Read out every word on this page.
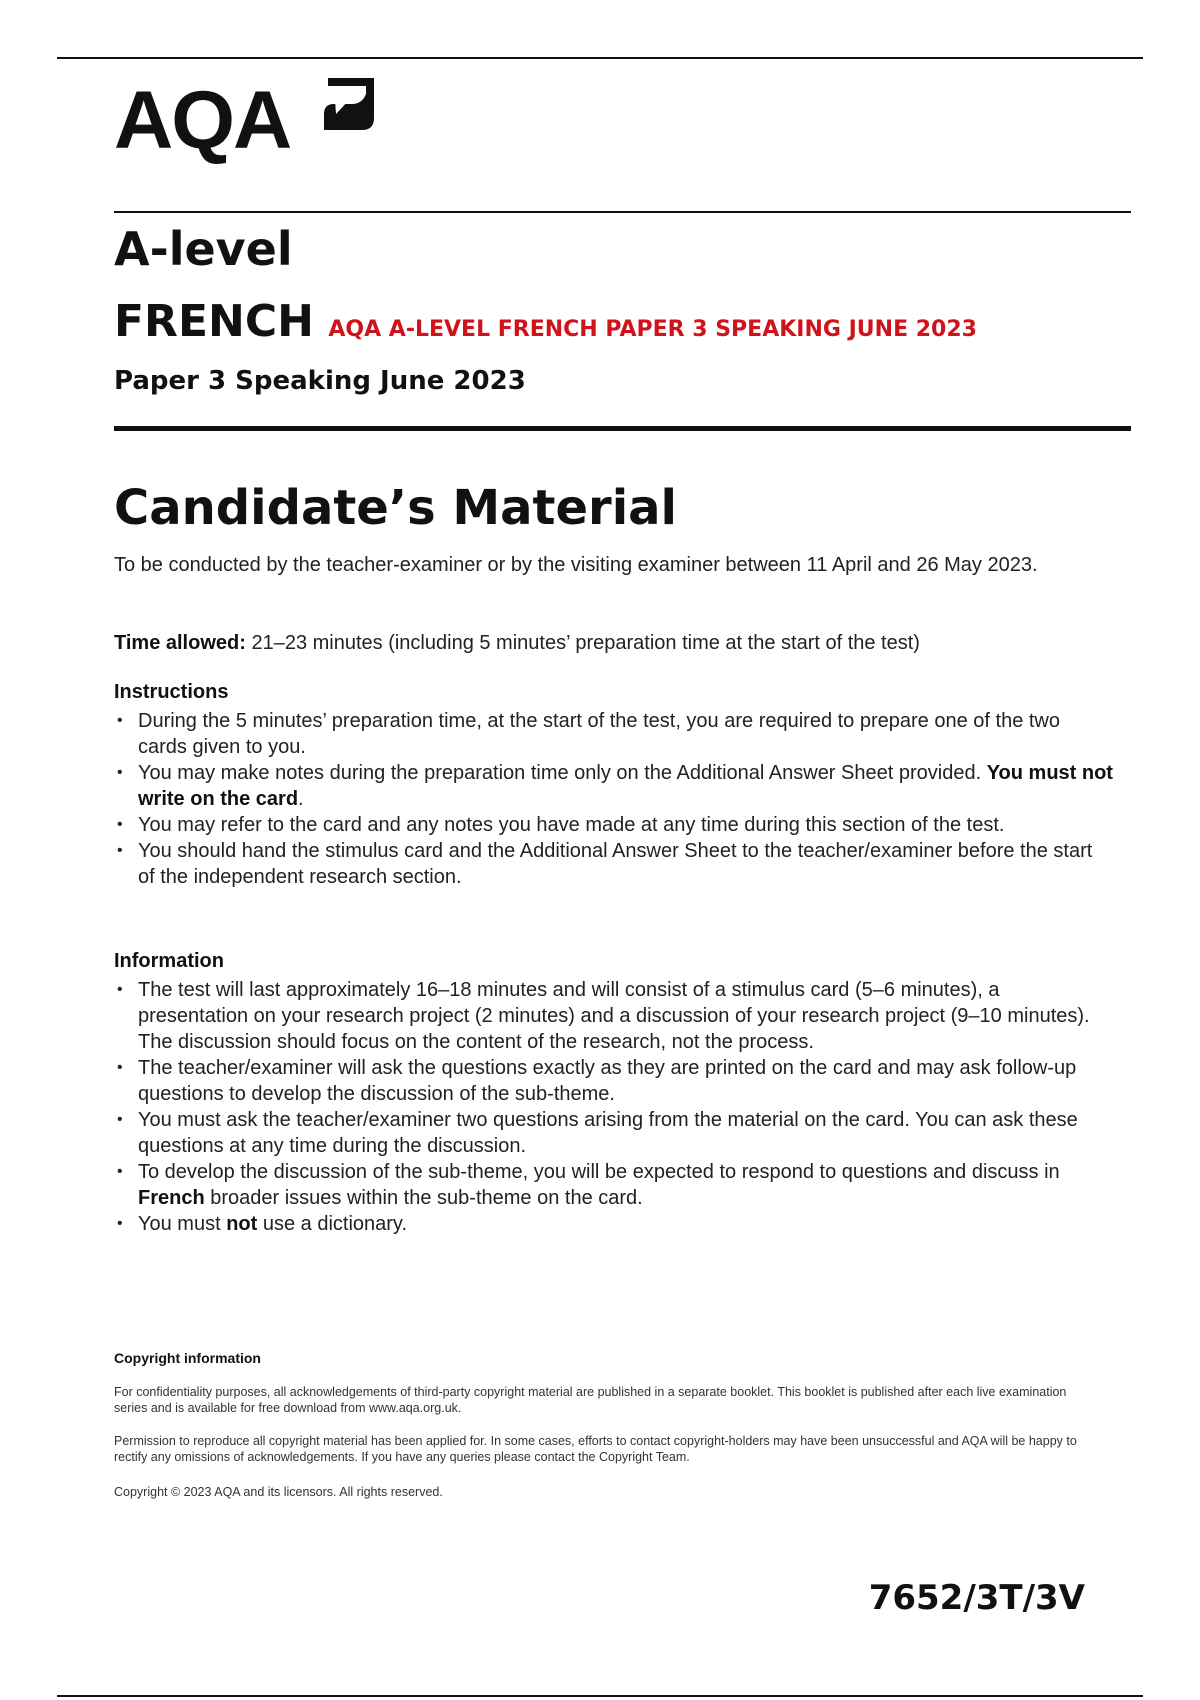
AQA
A-level
FRENCH AQA A-LEVEL FRENCH PAPER 3 SPEAKING JUNE 2023
Paper 3 Speaking June 2023
Candidate’s Material
To be conducted by the teacher-examiner or by the visiting examiner between 11 April and 26 May 2023.
Time allowed: 21–23 minutes (including 5 minutes’ preparation time at the start of the test)
Instructions
• During the 5 minutes’ preparation time, at the start of the test, you are required to prepare one of the two cards given to you.
• You may make notes during the preparation time only on the Additional Answer Sheet provided. You must not write on the card.
• You may refer to the card and any notes you have made at any time during this section of the test.
• You should hand the stimulus card and the Additional Answer Sheet to the teacher/examiner before the start of the independent research section.
Information
• The test will last approximately 16–18 minutes and will consist of a stimulus card (5–6 minutes), a presentation on your research project (2 minutes) and a discussion of your research project (9–10 minutes). The discussion should focus on the content of the research, not the process.
• The teacher/examiner will ask the questions exactly as they are printed on the card and may ask follow-up questions to develop the discussion of the sub-theme.
• You must ask the teacher/examiner two questions arising from the material on the card. You can ask these questions at any time during the discussion.
• To develop the discussion of the sub-theme, you will be expected to respond to questions and discuss in French broader issues within the sub-theme on the card.
• You must not use a dictionary.
Copyright information
For confidentiality purposes, all acknowledgements of third-party copyright material are published in a separate booklet. This booklet is published after each live examination series and is available for free download from www.aqa.org.uk.
Permission to reproduce all copyright material has been applied for. In some cases, efforts to contact copyright-holders may have been unsuccessful and AQA will be happy to rectify any omissions of acknowledgements. If you have any queries please contact the Copyright Team.
Copyright © 2023 AQA and its licensors. All rights reserved.
7652/3T/3V
